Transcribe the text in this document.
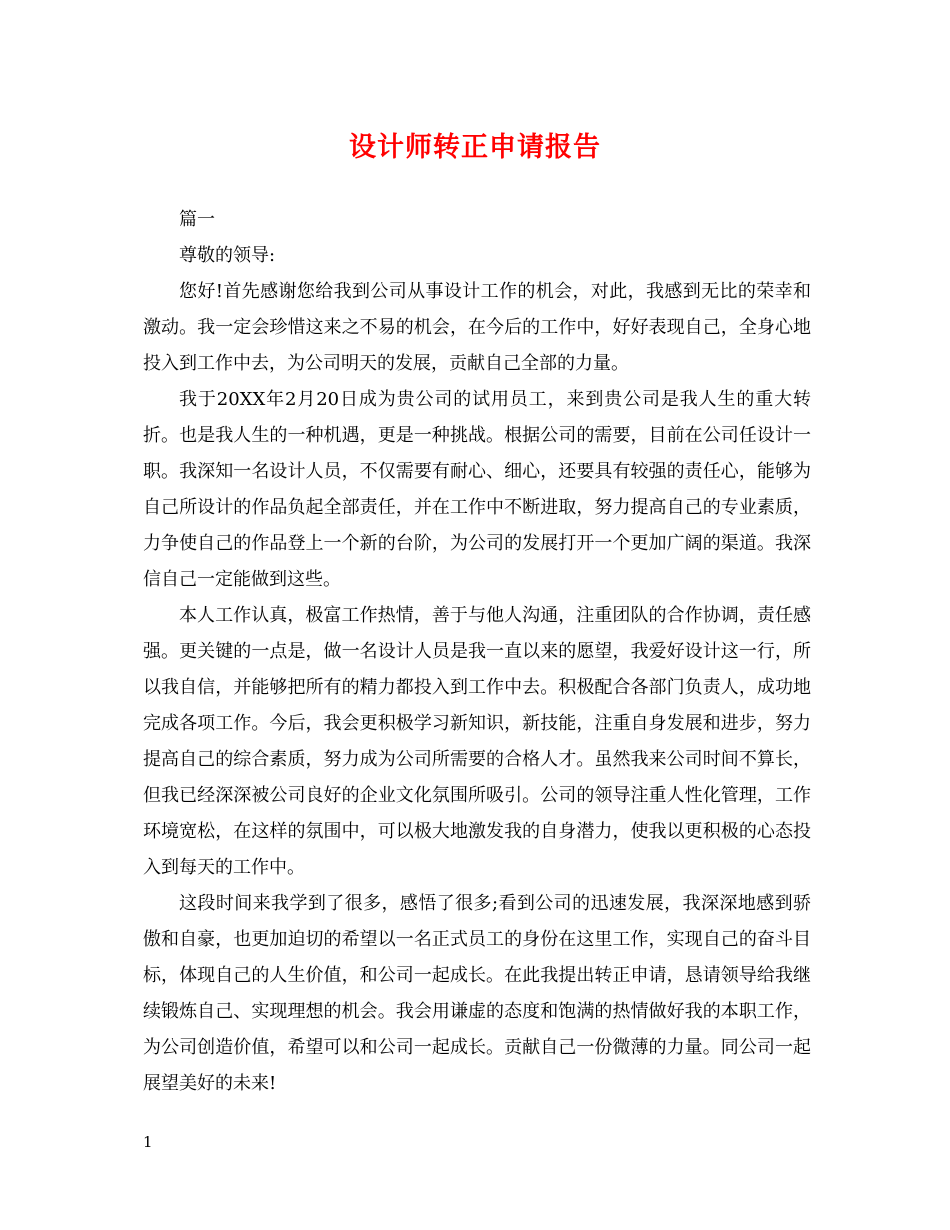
设计师转正申请报告

篇一

尊敬的领导:

您好!首先感谢您给我到公司从事设计工作的机会，对此，我感到无比的荣幸和激动。我一定会珍惜这来之不易的机会，在今后的工作中，好好表现自己，全身心地投入到工作中去，为公司明天的发展，贡献自己全部的力量。

我于20XX年2月20日成为贵公司的试用员工，来到贵公司是我人生的重大转折。也是我人生的一种机遇，更是一种挑战。根据公司的需要，目前在公司任设计一职。我深知一名设计人员，不仅需要有耐心、细心，还要具有较强的责任心，能够为自己所设计的作品负起全部责任，并在工作中不断进取，努力提高自己的专业素质，力争使自己的作品登上一个新的台阶，为公司的发展打开一个更加广阔的渠道。我深信自己一定能做到这些。

本人工作认真，极富工作热情，善于与他人沟通，注重团队的合作协调，责任感强。更关键的一点是，做一名设计人员是我一直以来的愿望，我爱好设计这一行，所以我自信，并能够把所有的精力都投入到工作中去。积极配合各部门负责人，成功地完成各项工作。今后，我会更积极学习新知识，新技能，注重自身发展和进步，努力提高自己的综合素质，努力成为公司所需要的合格人才。虽然我来公司时间不算长，但我已经深深被公司良好的企业文化氛围所吸引。公司的领导注重人性化管理，工作环境宽松，在这样的氛围中，可以极大地激发我的自身潜力，使我以更积极的心态投入到每天的工作中。

这段时间来我学到了很多，感悟了很多;看到公司的迅速发展，我深深地感到骄傲和自豪，也更加迫切的希望以一名正式员工的身份在这里工作，实现自己的奋斗目标，体现自己的人生价值，和公司一起成长。在此我提出转正申请，恳请领导给我继续锻炼自己、实现理想的机会。我会用谦虚的态度和饱满的热情做好我的本职工作，为公司创造价值，希望可以和公司一起成长。贡献自己一份微薄的力量。同公司一起展望美好的未来!

1
